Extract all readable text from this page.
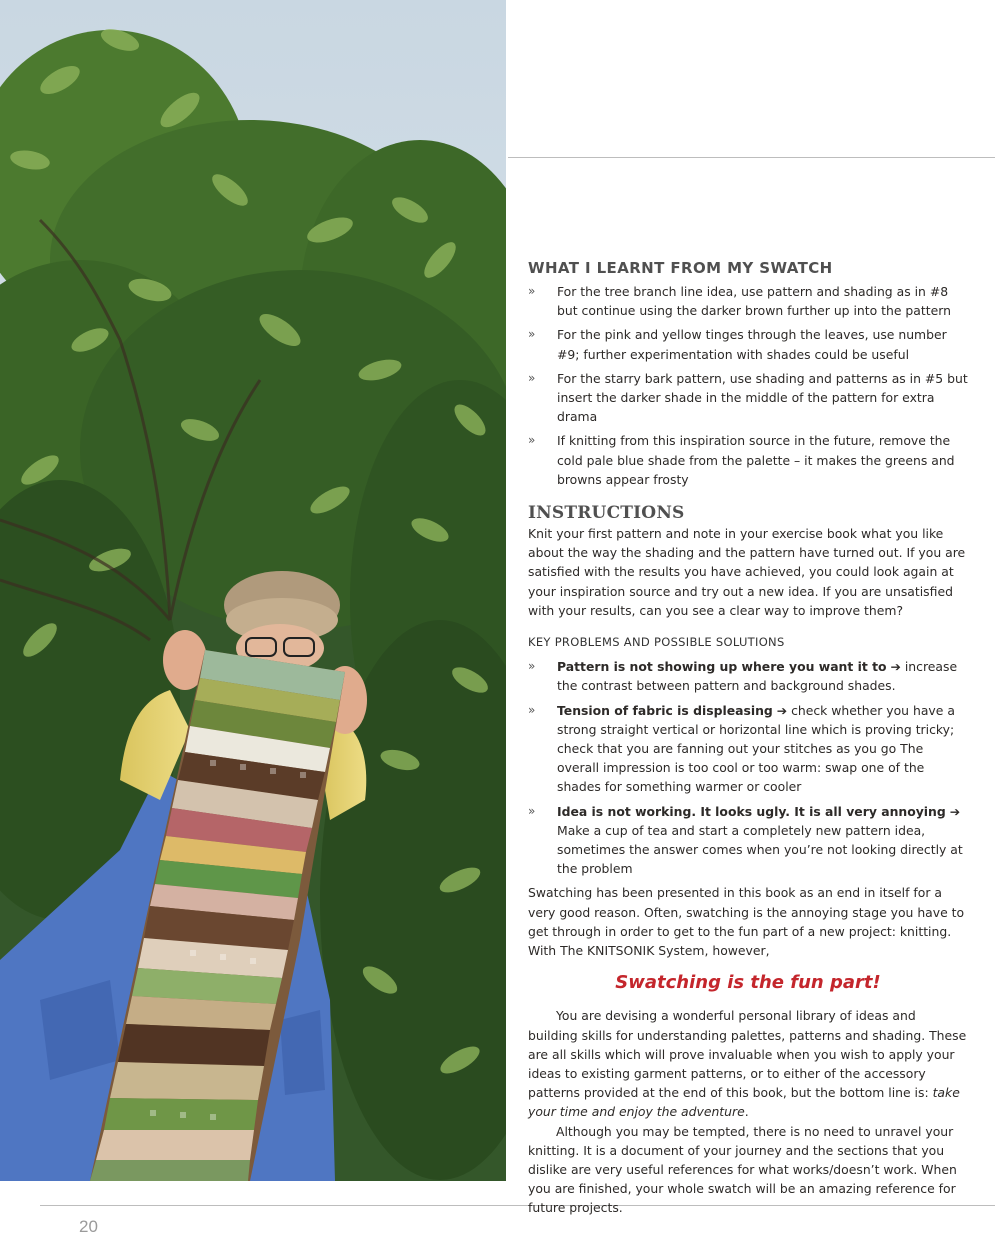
20
WHAT I LEARNT FROM MY SWATCH
» For the tree branch line idea, use pattern and shading as in #8 but continue using the darker brown further up into the pattern
» For the pink and yellow tinges through the leaves, use number #9; further experimentation with shades could be useful
» For the starry bark pattern, use shading and patterns as in #5 but insert the darker shade in the middle of the pattern for extra drama
» If knitting from this inspiration source in the future, remove the cold pale blue shade from the palette – it makes the greens and browns appear frosty
INSTRUCTIONS

Knit your first pattern and note in your exercise book what you like about the way the shading and the pattern have turned out. If you are satisfied with the results you have achieved, you could look again at your inspiration source and try out a new idea. If you are unsatisfied with your results, can you see a clear way to improve them?

KEY PROBLEMS AND POSSIBLE SOLUTIONS
» Pattern is not showing up where you want it to ➔ increase the contrast between pattern and background shades.
» Tension of fabric is displeasing ➔ check whether you have a strong straight vertical or horizontal line which is proving tricky; check that you are fanning out your stitches as you go The overall impression is too cool or too warm: swap one of the shades for something warmer or cooler
» Idea is not working. It looks ugly. It is all very annoying ➔ Make a cup of tea and start a completely new pattern idea, sometimes the answer comes when you’re not looking directly at the problem

Swatching has been presented in this book as an end in itself for a very good reason. Often, swatching is the annoying stage you have to get through in order to get to the fun part of a new project: knitting. With The KNITSONIK System, however,

Swatching is the fun part!

You are devising a wonderful personal library of ideas and building skills for understanding palettes, patterns and shading. These are all skills which will prove invaluable when you wish to apply your ideas to existing garment patterns, or to either of the accessory patterns provided at the end of this book, but the bottom line is: take your time and enjoy the adventure.

Although you may be tempted, there is no need to unravel your knitting. It is a document of your journey and the sections that you dislike are very useful references for what works/doesn’t work. When you are finished, your whole swatch will be an amazing reference for future projects.
